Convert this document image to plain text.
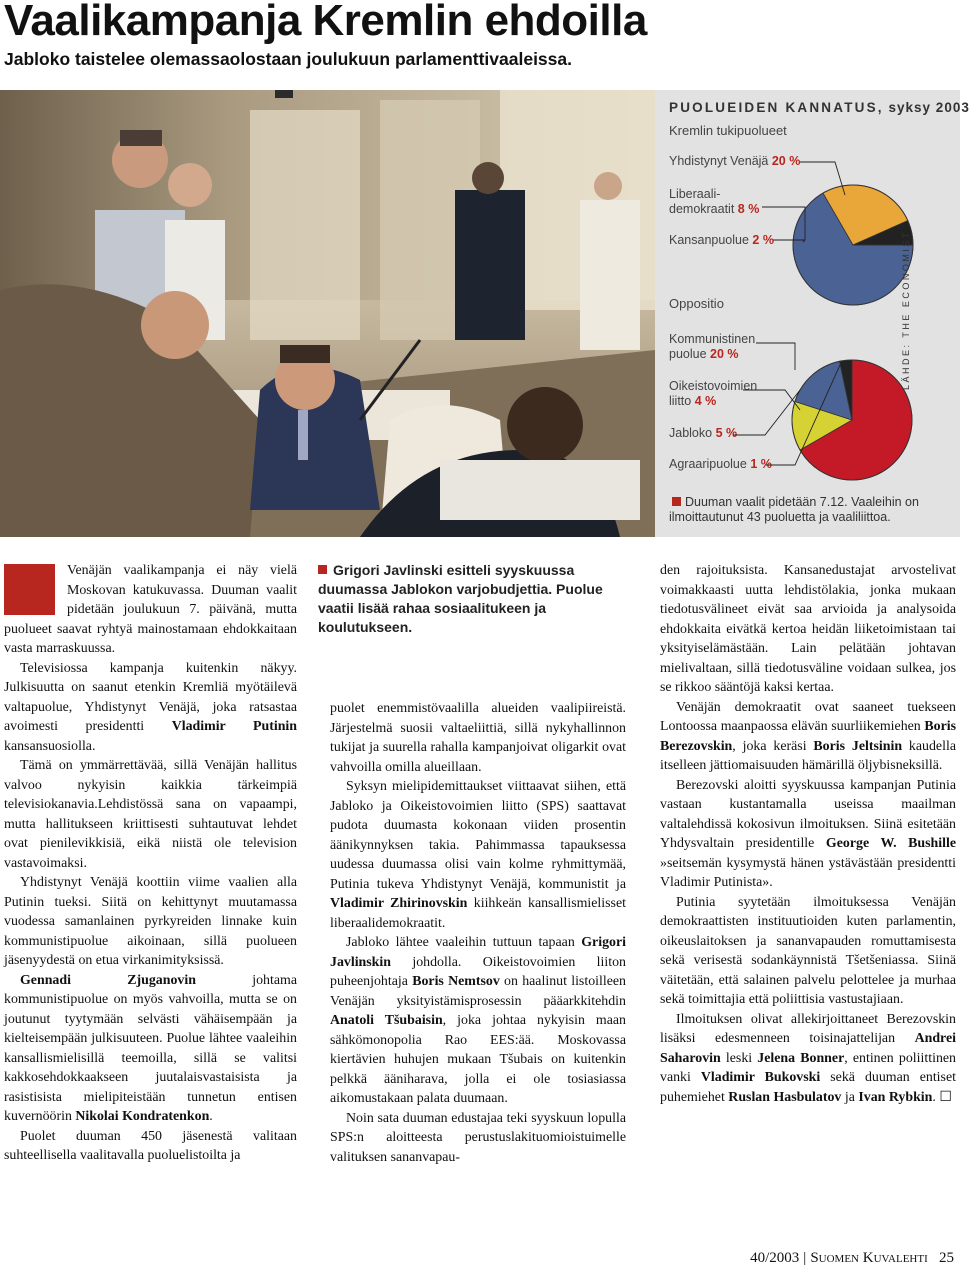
Vaalikampanja Kremlin ehdoilla
Jabloko taistelee olemassaolostaan joulukuun parlamenttivaaleissa.
PUOLUEIDEN KANNATUS, syksy 2003
Kremlin tukipuolueet
Yhdistynyt Venäjä 20 %
Liberaali-
demokraatit 8 %
Kansanpuolue 2 %
Oppositio
Kommunistinen
puolue 20 %
Oikeistovoimien
liitto 4 %
Jabloko 5 %
Agraaripuolue 1 %
LÄHDE: THE ECONOMIST
Duuman vaalit pidetään 7.12. Vaaleihin on ilmoittautunut 43 puoluetta ja vaaliliittoa.
Grigori Javlinski esitteli syyskuussa duumassa Jablokon varjobudjettia. Puolue vaatii lisää rahaa sosiaalitukeen ja koulutukseen.

Venäjän vaalikampanja ei näy vielä Moskovan katukuvassa. Duuman vaalit pidetään joulukuun 7. päivänä, mutta puolueet saavat ryhtyä mainostamaan ehdokkaitaan vasta marraskuussa.

Televisiossa kampanja kuitenkin näkyy. Julkisuutta on saanut etenkin Kremliä myötäilevä valtapuolue, Yhdistynyt Venäjä, joka ratsastaa avoimesti presidentti Vladimir Putinin kansansuosiolla.

Tämä on ymmärrettävää, sillä Venäjän hallitus valvoo nykyisin kaikkia tärkeimpiä televisiokanavia.Lehdistössä sana on vapaampi, mutta hallitukseen kriittisesti suhtautuvat lehdet ovat pienilevikkisiä, eikä niistä ole television vastavoimaksi.

Yhdistynyt Venäjä koottiin viime vaalien alla Putinin tueksi. Siitä on kehittynyt muutamassa vuodessa samanlainen pyrkyreiden linnake kuin kommunistipuolue aikoinaan, sillä puolueen jäsenyydestä on etua virkanimityksissä.

Gennadi Zjuganovin johtama kommunistipuolue on myös vahvoilla, mutta se on joutunut tyytymään selvästi vähäisempään ja kielteisempään julkisuuteen. Puolue lähtee vaaleihin kansallismielisillä teemoilla, sillä se valitsi kakkosehdokkaakseen juutalaisvastaisista ja rasistisista mielipiteistään tunnetun entisen kuvernöörin Nikolai Kondratenkon.

Puolet duuman 450 jäsenestä valitaan suhteellisella vaalitavalla puoluelistoilta ja

puolet enemmistövaalilla alueiden vaalipiireistä. Järjestelmä suosii valtaeliittiä, sillä nykyhallinnon tukijat ja suurella rahalla kampanjoivat oligarkit ovat vahvoilla omilla alueillaan.

Syksyn mielipidemittaukset viittaavat siihen, että Jabloko ja Oikeistovoimien liitto (SPS) saattavat pudota duumasta kokonaan viiden prosentin äänikynnyksen takia. Pahimmassa tapauksessa uudessa duumassa olisi vain kolme ryhmittymää, Putinia tukeva Yhdistynyt Venäjä, kommunistit ja Vladimir Zhirinovskin kiihkeän kansallismielisset liberaalidemokraatit.

Jabloko lähtee vaaleihin tuttuun tapaan Grigori Javlinskin johdolla. Oikeistovoimien liiton puheenjohtaja Boris Nemtsov on haalinut listoilleen Venäjän yksityistämisprosessin pääarkkitehdin Anatoli Tšubaisin, joka johtaa nykyisin maan sähkömonopolia Rao EES:ää. Moskovassa kiertävien huhujen mukaan Tšubais on kuitenkin pelkkä ääniharava, jolla ei ole tosiasiassa aikomustakaan palata duumaan.

Noin sata duuman edustajaa teki syyskuun lopulla SPS:n aloitteesta perustuslakituomioistuimelle valituksen sananvapau-

den rajoituksista. Kansanedustajat arvostelivat voimakkaasti uutta lehdistölakia, jonka mukaan tiedotusvälineet eivät saa arvioida ja analysoida ehdokkaita eivätkä kertoa heidän liiketoimistaan tai yksityiselämästään. Lain pelätään johtavan mielivaltaan, sillä tiedotusväline voidaan sulkea, jos se rikkoo sääntöjä kaksi kertaa.

Venäjän demokraatit ovat saaneet tuekseen Lontoossa maanpaossa elävän suurliikemiehen Boris Berezovskin, joka keräsi Boris Jeltsinin kaudella itselleen jättiomaisuuden hämärillä öljybisneksillä.

Berezovski aloitti syyskuussa kampanjan Putinia vastaan kustantamalla useissa maailman valtalehdissä kokosivun ilmoituksen. Siinä esitetään Yhdysvaltain presidentille George W. Bushille »seitsemän kysymystä hänen ystävästään presidentti Vladimir Putinista».

Putinia syytetään ilmoituksessa Venäjän demokraattisten instituutioiden kuten parlamentin, oikeuslaitoksen ja sananvapauden romuttamisesta sekä verisestä sodankäynnistä Tšetšeniassa. Siinä väitetään, että salainen palvelu pelottelee ja murhaa sekä toimittajia että poliittisia vastustajiaan.

Ilmoituksen olivat allekirjoittaneet Berezovskin lisäksi edesmenneen toisinajattelijan Andrei Saharovin leski Jelena Bonner, entinen poliittinen vanki Vladimir Bukovski sekä duuman entiset puhemiehet Ruslan Hasbulatov ja Ivan Rybkin. ☐

40/2003 | Suomen Kuvalehti 25
